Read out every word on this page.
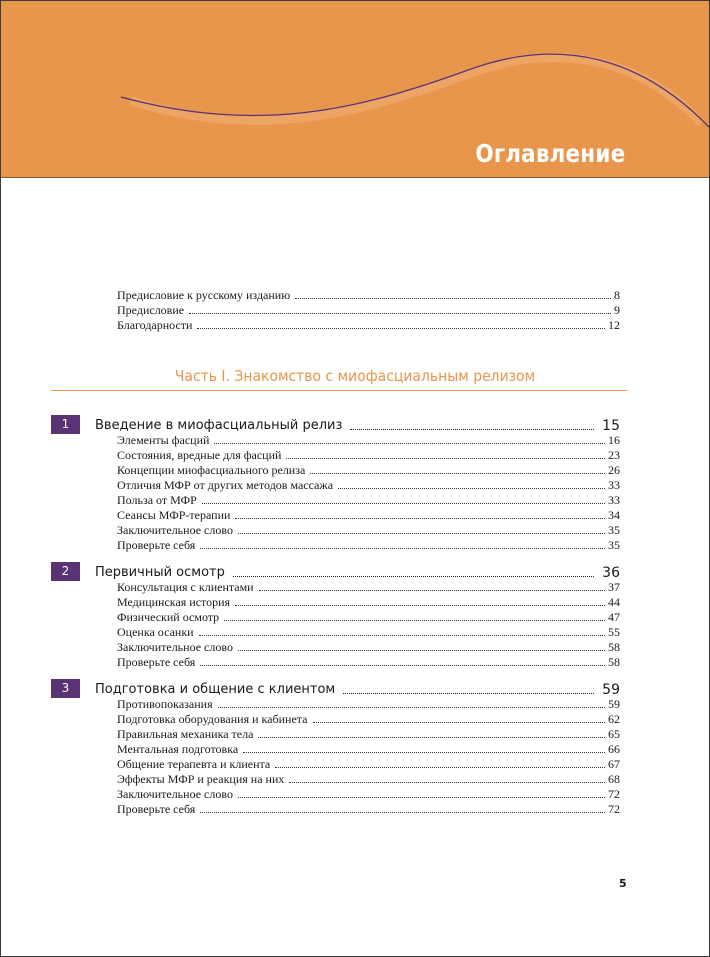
Оглавление
Предисловие к русскому изданию	8
Предисловие	9
Благодарности	12
1	Введение в миофасциальный релиз	15
Элементы фасций	16
Состояния, вредные для фасций	23
Концепции миофасциального релиза	26
Отличия МФР от других методов массажа	33
Польза от МФР	33
Сеансы МФР-терапии	34
Заключительное слово	35
Проверьте себя	35
2	Первичный осмотр	36
Консультация с клиентами	37
Медицинская история	44
Физический осмотр	47
Оценка осанки	55
Заключительное слово	58
Проверьте себя	58
3	Подготовка и общение с клиентом	59
Противопоказания	59
Подготовка оборудования и кабинета	62
Правильная механика тела	65
Ментальная подготовка	66
Общение терапевта и клиента	67
Эффекты МФР и реакция на них	68
Заключительное слово	72
Проверьте себя	72
Часть I. Знакомство с миофасциальным релизом
5
